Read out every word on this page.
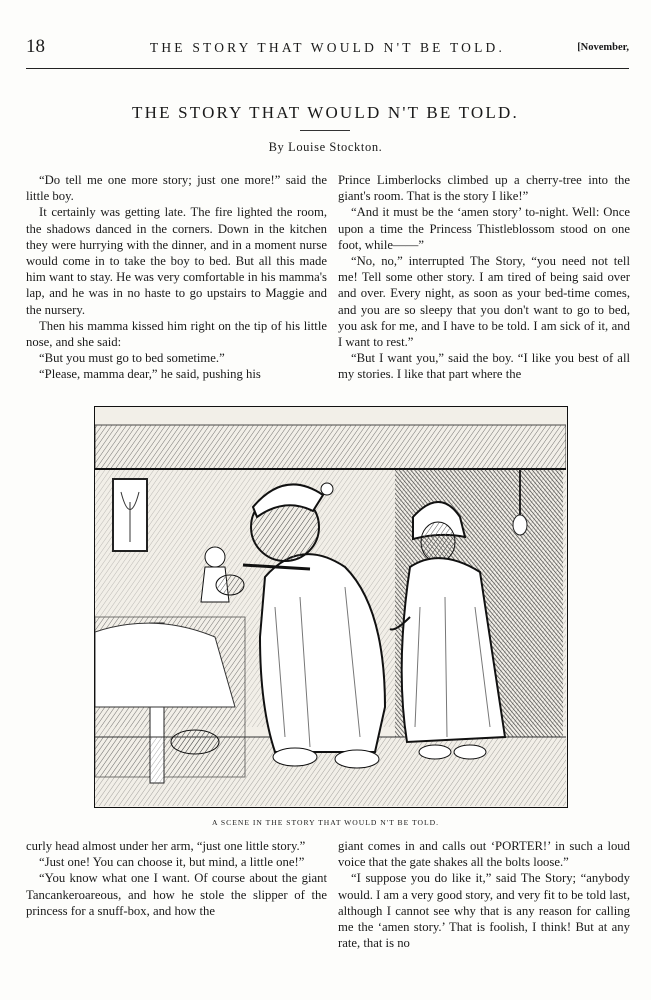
18	THE STORY THAT WOULD N'T BE TOLD.	[November,
THE STORY THAT WOULD N'T BE TOLD.
By Louise Stockton.

“Do tell me one more story; just one more!” said the little boy.

It certainly was getting late. The fire lighted the room, the shadows danced in the corners. Down in the kitchen they were hurrying with the dinner, and in a moment nurse would come in to take the boy to bed. But all this made him want to stay. He was very comfortable in his mamma's lap, and he was in no haste to go upstairs to Maggie and the nursery.

Then his mamma kissed him right on the tip of his little nose, and she said:

“But you must go to bed sometime.”

“Please, mamma dear,” he said, pushing his

Prince Limberlocks climbed up a cherry-tree into the giant's room. That is the story I like!”

“And it must be the ‘amen story’ to-night. Well: Once upon a time the Princess Thistleblossom stood on one foot, while——”

“No, no,” interrupted The Story, “you need not tell me! Tell some other story. I am tired of being said over and over. Every night, as soon as your bed-time comes, and you are so sleepy that you don't want to go to bed, you ask for me, and I have to be told. I am sick of it, and I want to rest.”

“But I want you,” said the boy. “I like you best of all my stories. I like that part where the

A SCENE IN THE STORY THAT WOULD N'T BE TOLD.

curly head almost under her arm, “just one little story.”

“Just one! You can choose it, but mind, a little one!”

“You know what one I want. Of course about the giant Tancankeroareous, and how he stole the slipper of the princess for a snuff-box, and how the

giant comes in and calls out ‘PORTER!’ in such a loud voice that the gate shakes all the bolts loose.”

“I suppose you do like it,” said The Story; “anybody would. I am a very good story, and very fit to be told last, although I cannot see why that is any reason for calling me the ‘amen story.’ That is foolish, I think! But at any rate, that is no
